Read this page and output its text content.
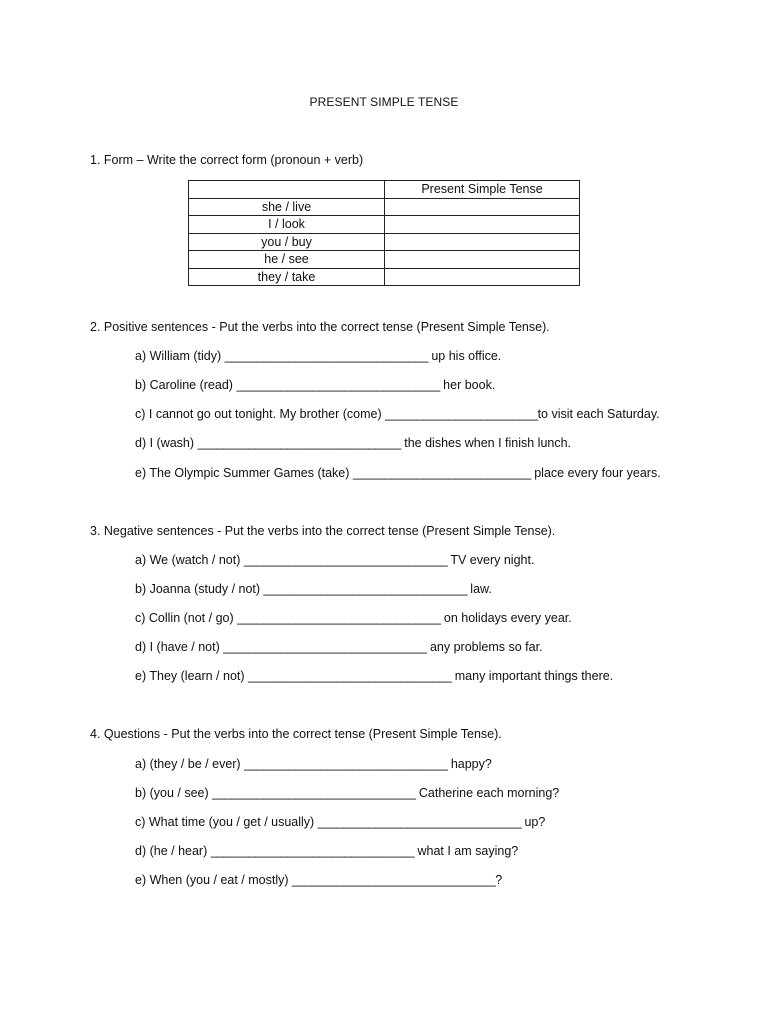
PRESENT SIMPLE TENSE
1. Form – Write the correct form (pronoun + verb)
	Present Simple Tense
she / live	
I / look	
you / buy	
he / see	
they / take	
2. Positive sentences - Put the verbs into the correct tense (Present Simple Tense).
a) William (tidy) ________________________________ up his office.
b) Caroline (read) ________________________________ her book.
c) I cannot go out tonight. My brother (come) ________________________to visit each Saturday.
d) I (wash) ________________________________ the dishes when I finish lunch.
e) The Olympic Summer Games (take) ____________________________ place every four years.
3. Negative sentences - Put the verbs into the correct tense (Present Simple Tense).
a) We (watch / not) ________________________________ TV every night.
b) Joanna (study / not) ________________________________ law.
c) Collin (not / go) ________________________________ on holidays every year.
d) I (have / not) ________________________________ any problems so far.
e) They (learn / not) ________________________________ many important things there.
4. Questions - Put the verbs into the correct tense (Present Simple Tense).
a) (they / be / ever) ________________________________ happy?
b) (you / see) ________________________________ Catherine each morning?
c) What time (you / get / usually) ________________________________ up?
d) (he / hear) ________________________________ what I am saying?
e) When (you / eat / mostly) ________________________________?
